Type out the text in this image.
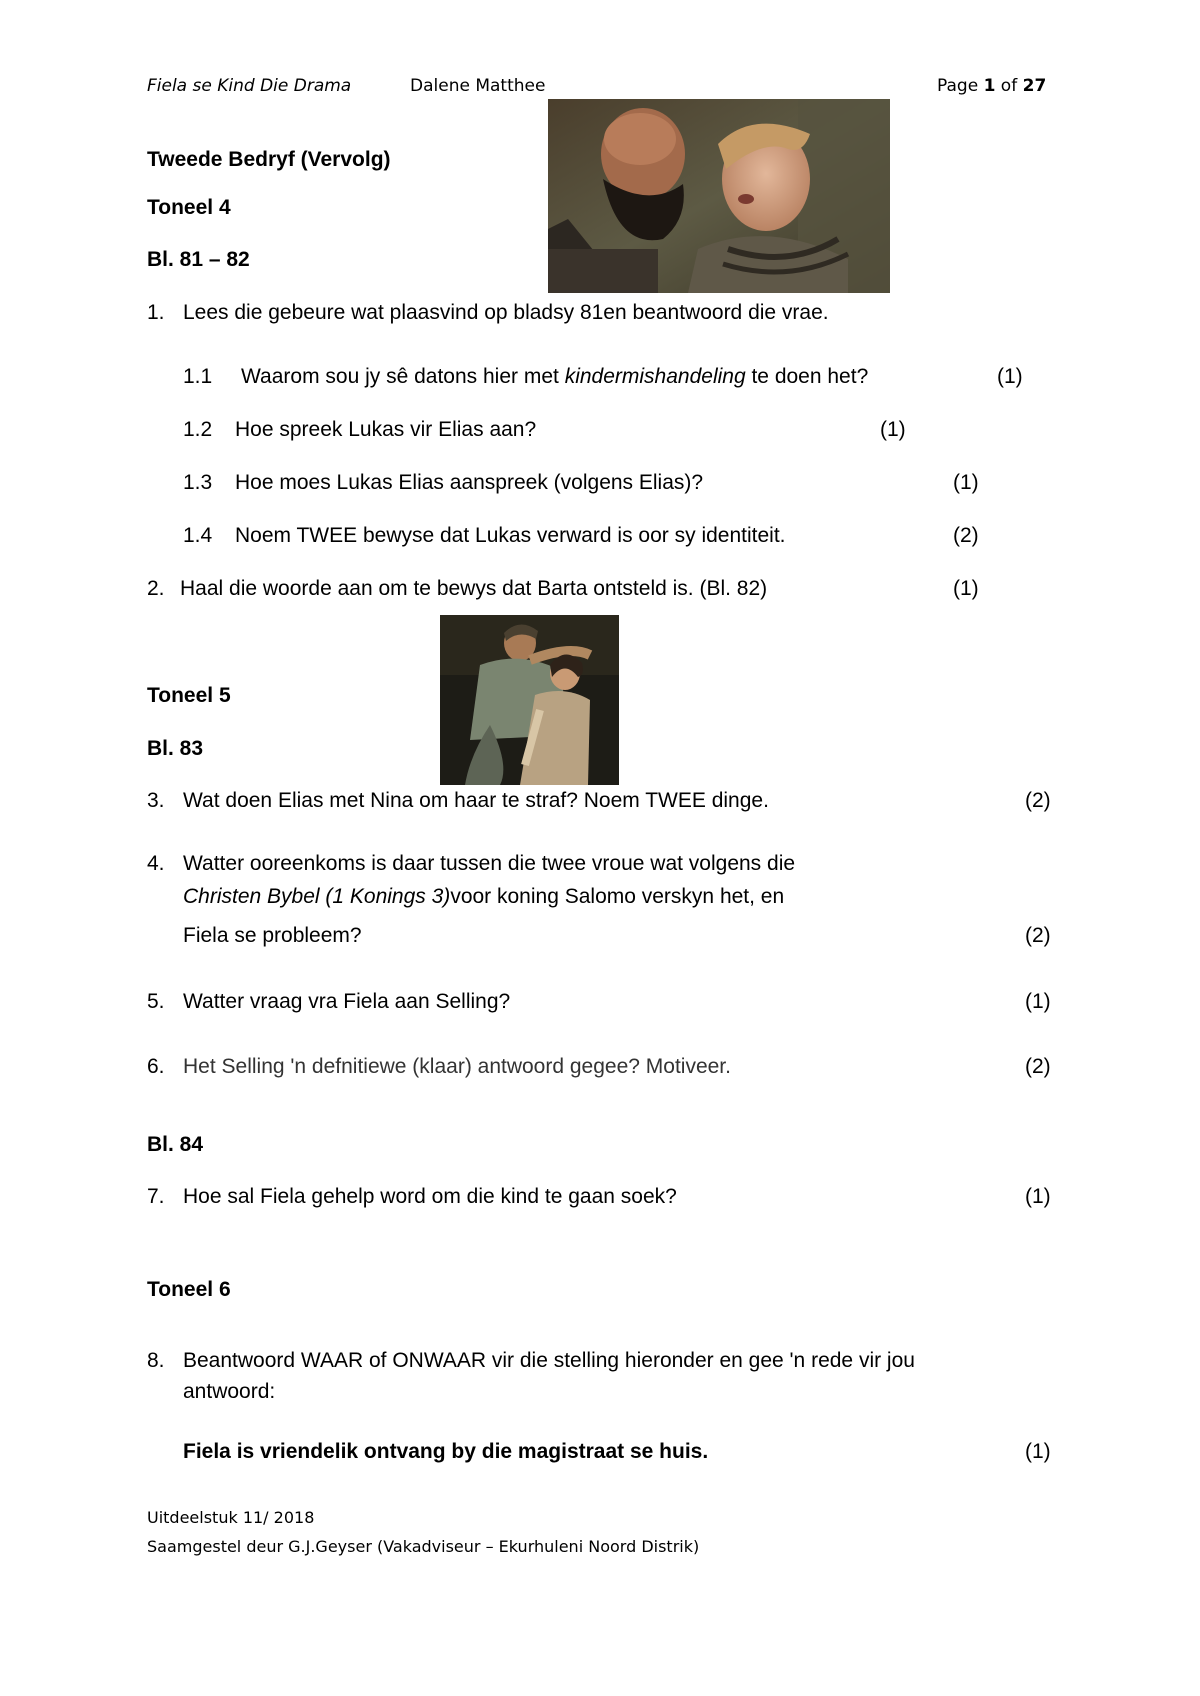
Fiela se Kind Die Drama	Dalene Matthee	Page 1 of 27
Tweede Bedryf (Vervolg)
Toneel 4
Bl. 81 – 82
1. Lees die gebeure wat plaasvind op bladsy 81en beantwoord die vrae.
1.1 Waarom sou jy sê datons hier met kindermishandeling te doen het?	(1)
1.2 Hoe spreek Lukas vir Elias aan?	(1)
1.3 Hoe moes Lukas Elias aanspreek (volgens Elias)?	(1)
1.4 Noem TWEE bewyse dat Lukas verward is oor sy identiteit.	(2)
2. Haal die woorde aan om te bewys dat Barta ontsteld is. (Bl. 82)	(1)
Toneel 5
Bl. 83
3. Wat doen Elias met Nina om haar te straf? Noem TWEE dinge.	(2)
4. Watter ooreenkoms is daar tussen die twee vroue wat volgens die
Christen Bybel (1 Konings 3)voor koning Salomo verskyn het, en
Fiela se probleem?	(2)
5. Watter vraag vra Fiela aan Selling?	(1)
6. Het Selling 'n defnitiewe (klaar) antwoord gegee? Motiveer.	(2)
Bl. 84
7. Hoe sal Fiela gehelp word om die kind te gaan soek?	(1)
Toneel 6
8. Beantwoord WAAR of ONWAAR vir die stelling hieronder en gee 'n rede vir jou
antwoord:
Fiela is vriendelik ontvang by die magistraat se huis.	(1)
Uitdeelstuk 11/ 2018
Saamgestel deur G.J.Geyser (Vakadviseur – Ekurhuleni Noord Distrik)
